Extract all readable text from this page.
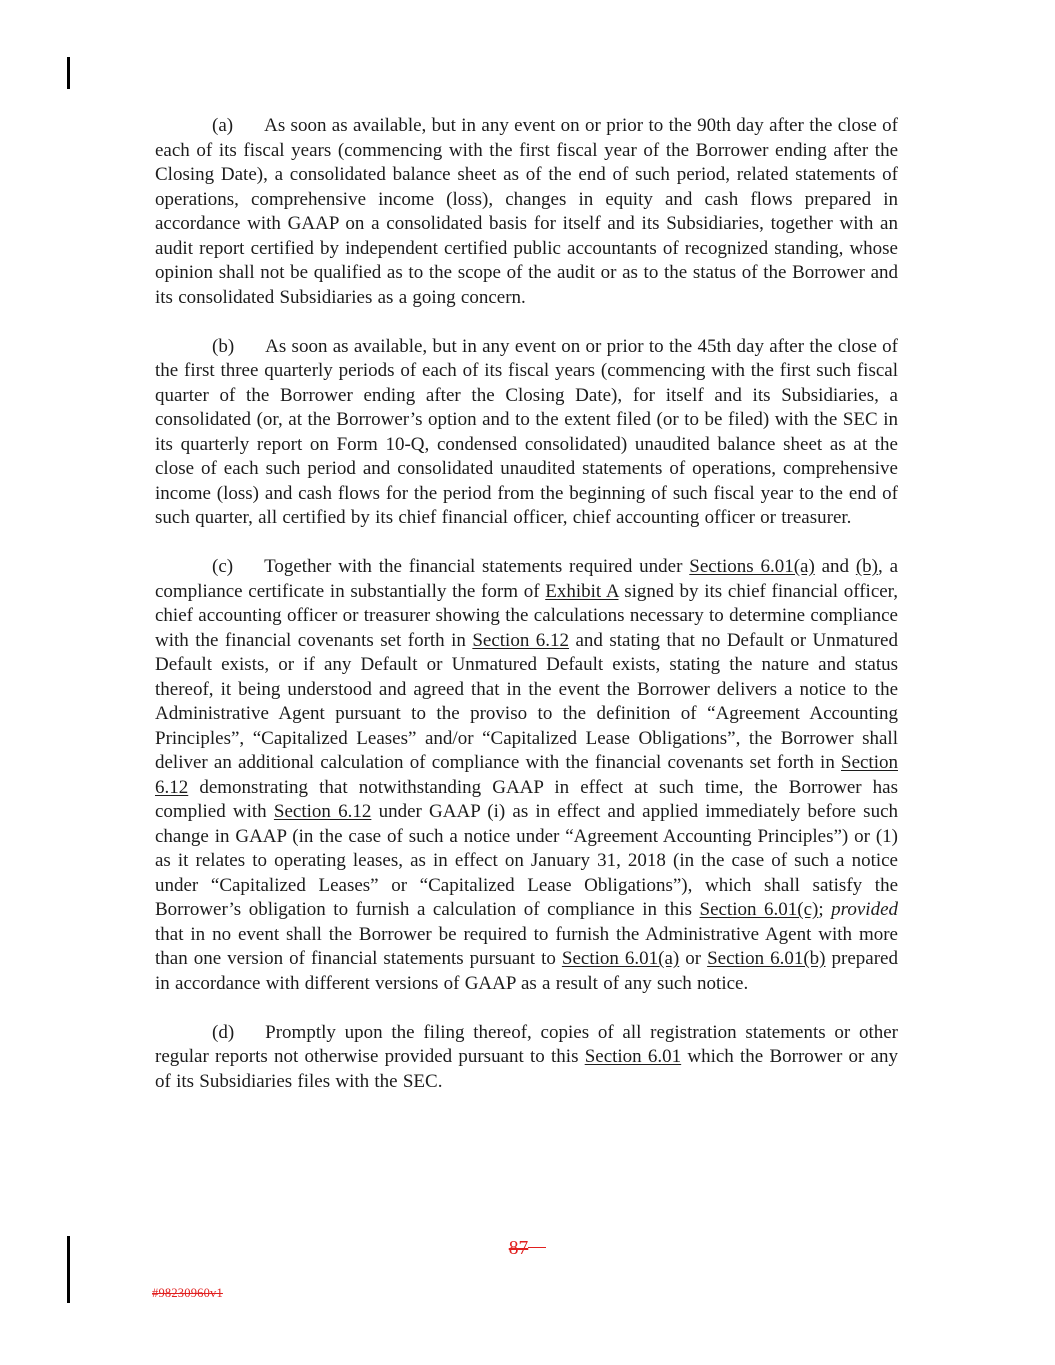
(a) As soon as available, but in any event on or prior to the 90th day after the close of each of its fiscal years (commencing with the first fiscal year of the Borrower ending after the Closing Date), a consolidated balance sheet as of the end of such period, related statements of operations, comprehensive income (loss), changes in equity and cash flows prepared in accordance with GAAP on a consolidated basis for itself and its Subsidiaries, together with an audit report certified by independent certified public accountants of recognized standing, whose opinion shall not be qualified as to the scope of the audit or as to the status of the Borrower and its consolidated Subsidiaries as a going concern.

(b) As soon as available, but in any event on or prior to the 45th day after the close of the first three quarterly periods of each of its fiscal years (commencing with the first such fiscal quarter of the Borrower ending after the Closing Date), for itself and its Subsidiaries, a consolidated (or, at the Borrower’s option and to the extent filed (or to be filed) with the SEC in its quarterly report on Form 10-Q, condensed consolidated) unaudited balance sheet as at the close of each such period and consolidated unaudited statements of operations, comprehensive income (loss) and cash flows for the period from the beginning of such fiscal year to the end of such quarter, all certified by its chief financial officer, chief accounting officer or treasurer.

(c) Together with the financial statements required under Sections 6.01(a) and (b), a compliance certificate in substantially the form of Exhibit A signed by its chief financial officer, chief accounting officer or treasurer showing the calculations necessary to determine compliance with the financial covenants set forth in Section 6.12 and stating that no Default or Unmatured Default exists, or if any Default or Unmatured Default exists, stating the nature and status thereof, it being understood and agreed that in the event the Borrower delivers a notice to the Administrative Agent pursuant to the proviso to the definition of “Agreement Accounting Principles”, “Capitalized Leases” and/or “Capitalized Lease Obligations”, the Borrower shall deliver an additional calculation of compliance with the financial covenants set forth in Section 6.12 demonstrating that notwithstanding GAAP in effect at such time, the Borrower has complied with Section 6.12 under GAAP (i) as in effect and applied immediately before such change in GAAP (in the case of such a notice under “Agreement Accounting Principles”) or (1) as it relates to operating leases, as in effect on January 31, 2018 (in the case of such a notice under “Capitalized Leases” or “Capitalized Lease Obligations”), which shall satisfy the Borrower’s obligation to furnish a calculation of compliance in this Section 6.01(c); provided that in no event shall the Borrower be required to furnish the Administrative Agent with more than one version of financial statements pursuant to Section 6.01(a) or Section 6.01(b) prepared in accordance with different versions of GAAP as a result of any such notice.

(d) Promptly upon the filing thereof, copies of all registration statements or other regular reports not otherwise provided pursuant to this Section 6.01 which the Borrower or any of its Subsidiaries files with the SEC.

87
#98230960v1
